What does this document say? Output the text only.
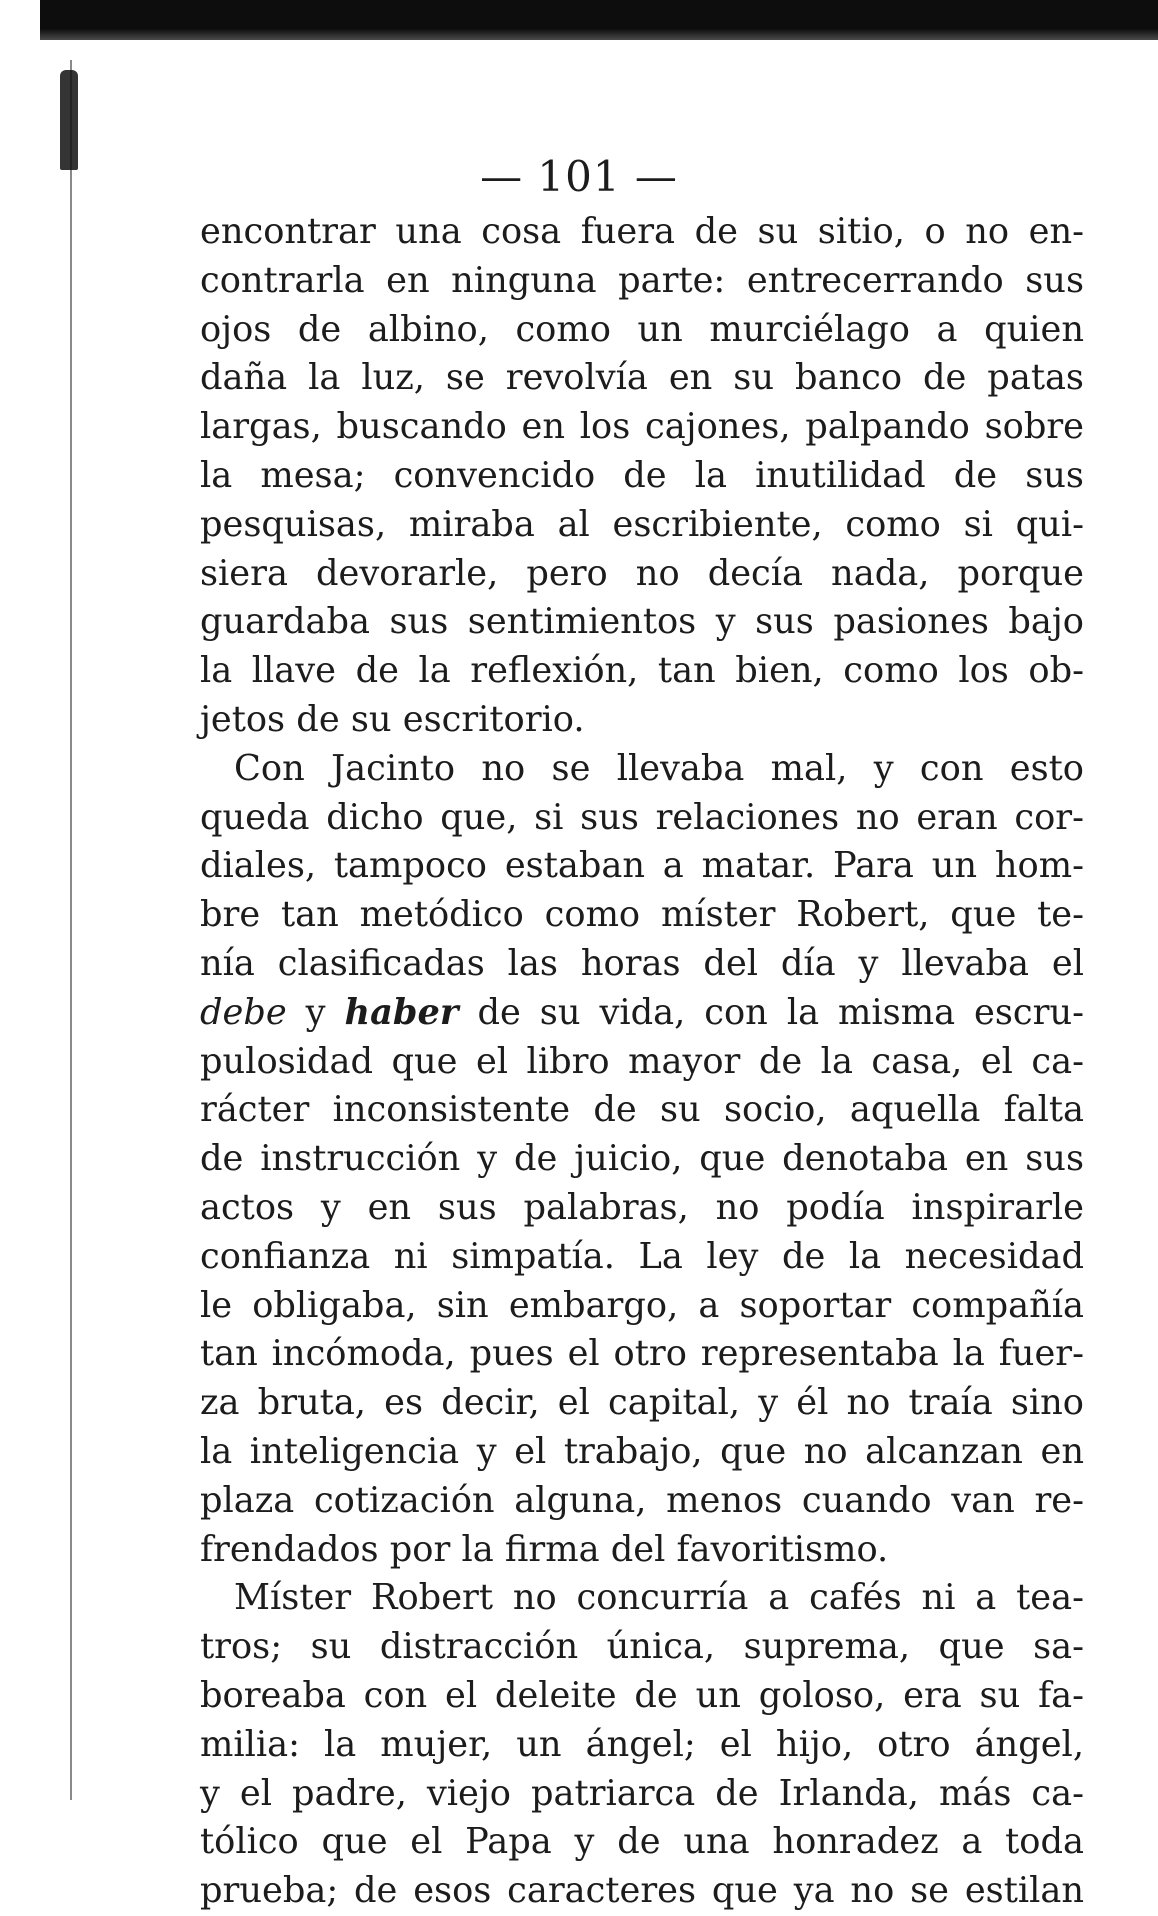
— 101 —
encontrar una cosa fuera de su sitio, o no en-
contrarla en ninguna parte: entrecerrando sus
ojos de albino, como un murciélago a quien
daña la luz, se revolvía en su banco de patas
largas, buscando en los cajones, palpando sobre
la mesa; convencido de la inutilidad de sus
pesquisas, miraba al escribiente, como si qui-
siera devorarle, pero no decía nada, porque
guardaba sus sentimientos y sus pasiones bajo
la llave de la reflexión, tan bien, como los ob-
jetos de su escritorio.
Con Jacinto no se llevaba mal, y con esto
queda dicho que, si sus relaciones no eran cor-
diales, tampoco estaban a matar. Para un hom-
bre tan metódico como míster Robert, que te-
nía clasificadas las horas del día y llevaba el
debe y haber de su vida, con la misma escru-
pulosidad que el libro mayor de la casa, el ca-
rácter inconsistente de su socio, aquella falta
de instrucción y de juicio, que denotaba en sus
actos y en sus palabras, no podía inspirarle
confianza ni simpatía. La ley de la necesidad
le obligaba, sin embargo, a soportar compañía
tan incómoda, pues el otro representaba la fuer-
za bruta, es decir, el capital, y él no traía sino
la inteligencia y el trabajo, que no alcanzan en
plaza cotización alguna, menos cuando van re-
frendados por la firma del favoritismo.
Míster Robert no concurría a cafés ni a tea-
tros; su distracción única, suprema, que sa-
boreaba con el deleite de un goloso, era su fa-
milia: la mujer, un ángel; el hijo, otro ángel,
y el padre, viejo patriarca de Irlanda, más ca-
tólico que el Papa y de una honradez a toda
prueba; de esos caracteres que ya no se estilan
